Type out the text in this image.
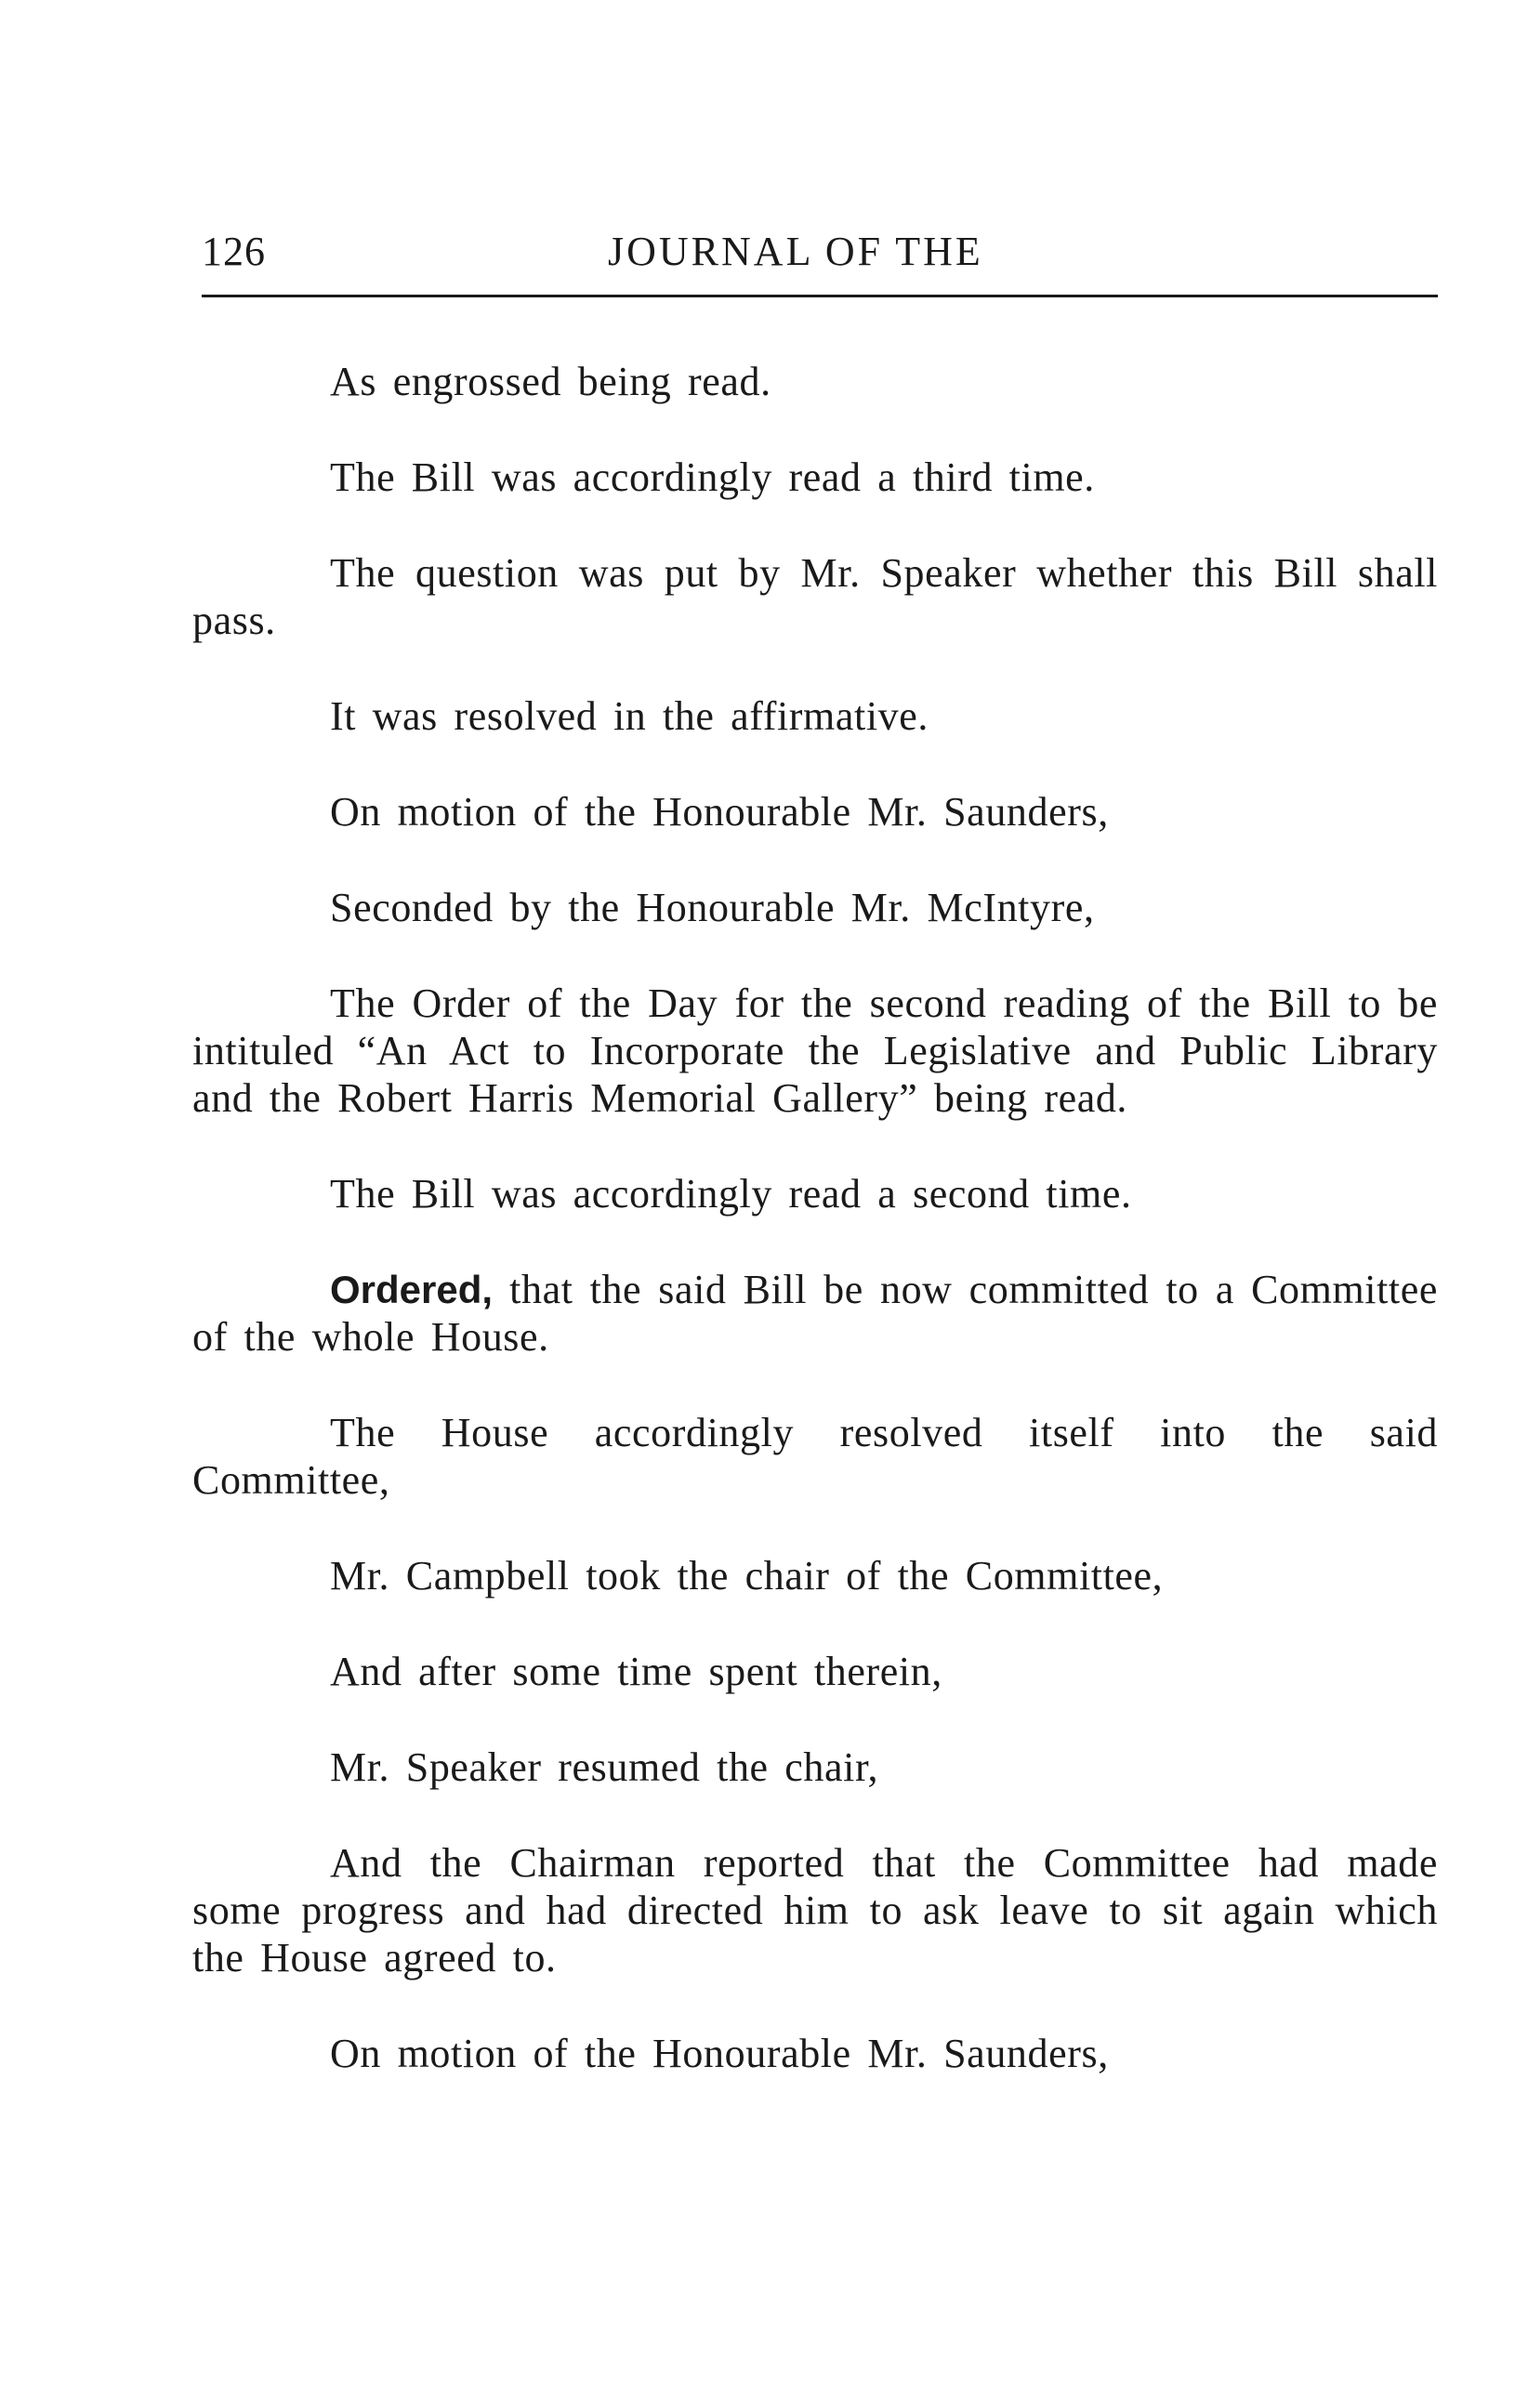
126	JOURNAL OF THE

As engrossed being read.

The Bill was accordingly read a third time.

The question was put by Mr. Speaker whether this Bill shall pass.

It was resolved in the affirmative.

On motion of the Honourable Mr. Saunders,

Seconded by the Honourable Mr. McIntyre,

The Order of the Day for the second reading of the Bill to be intituled “An Act to Incorporate the Legislative and Public Library and the Robert Harris Memorial Gallery” being read.

The Bill was accordingly read a second time.

Ordered, that the said Bill be now committed to a Committee of the whole House.

The House accordingly resolved itself into the said Committee,

Mr. Campbell took the chair of the Committee,

And after some time spent therein,

Mr. Speaker resumed the chair,

And the Chairman reported that the Committee had made some progress and had directed him to ask leave to sit again which the House agreed to.

On motion of the Honourable Mr. Saunders,
